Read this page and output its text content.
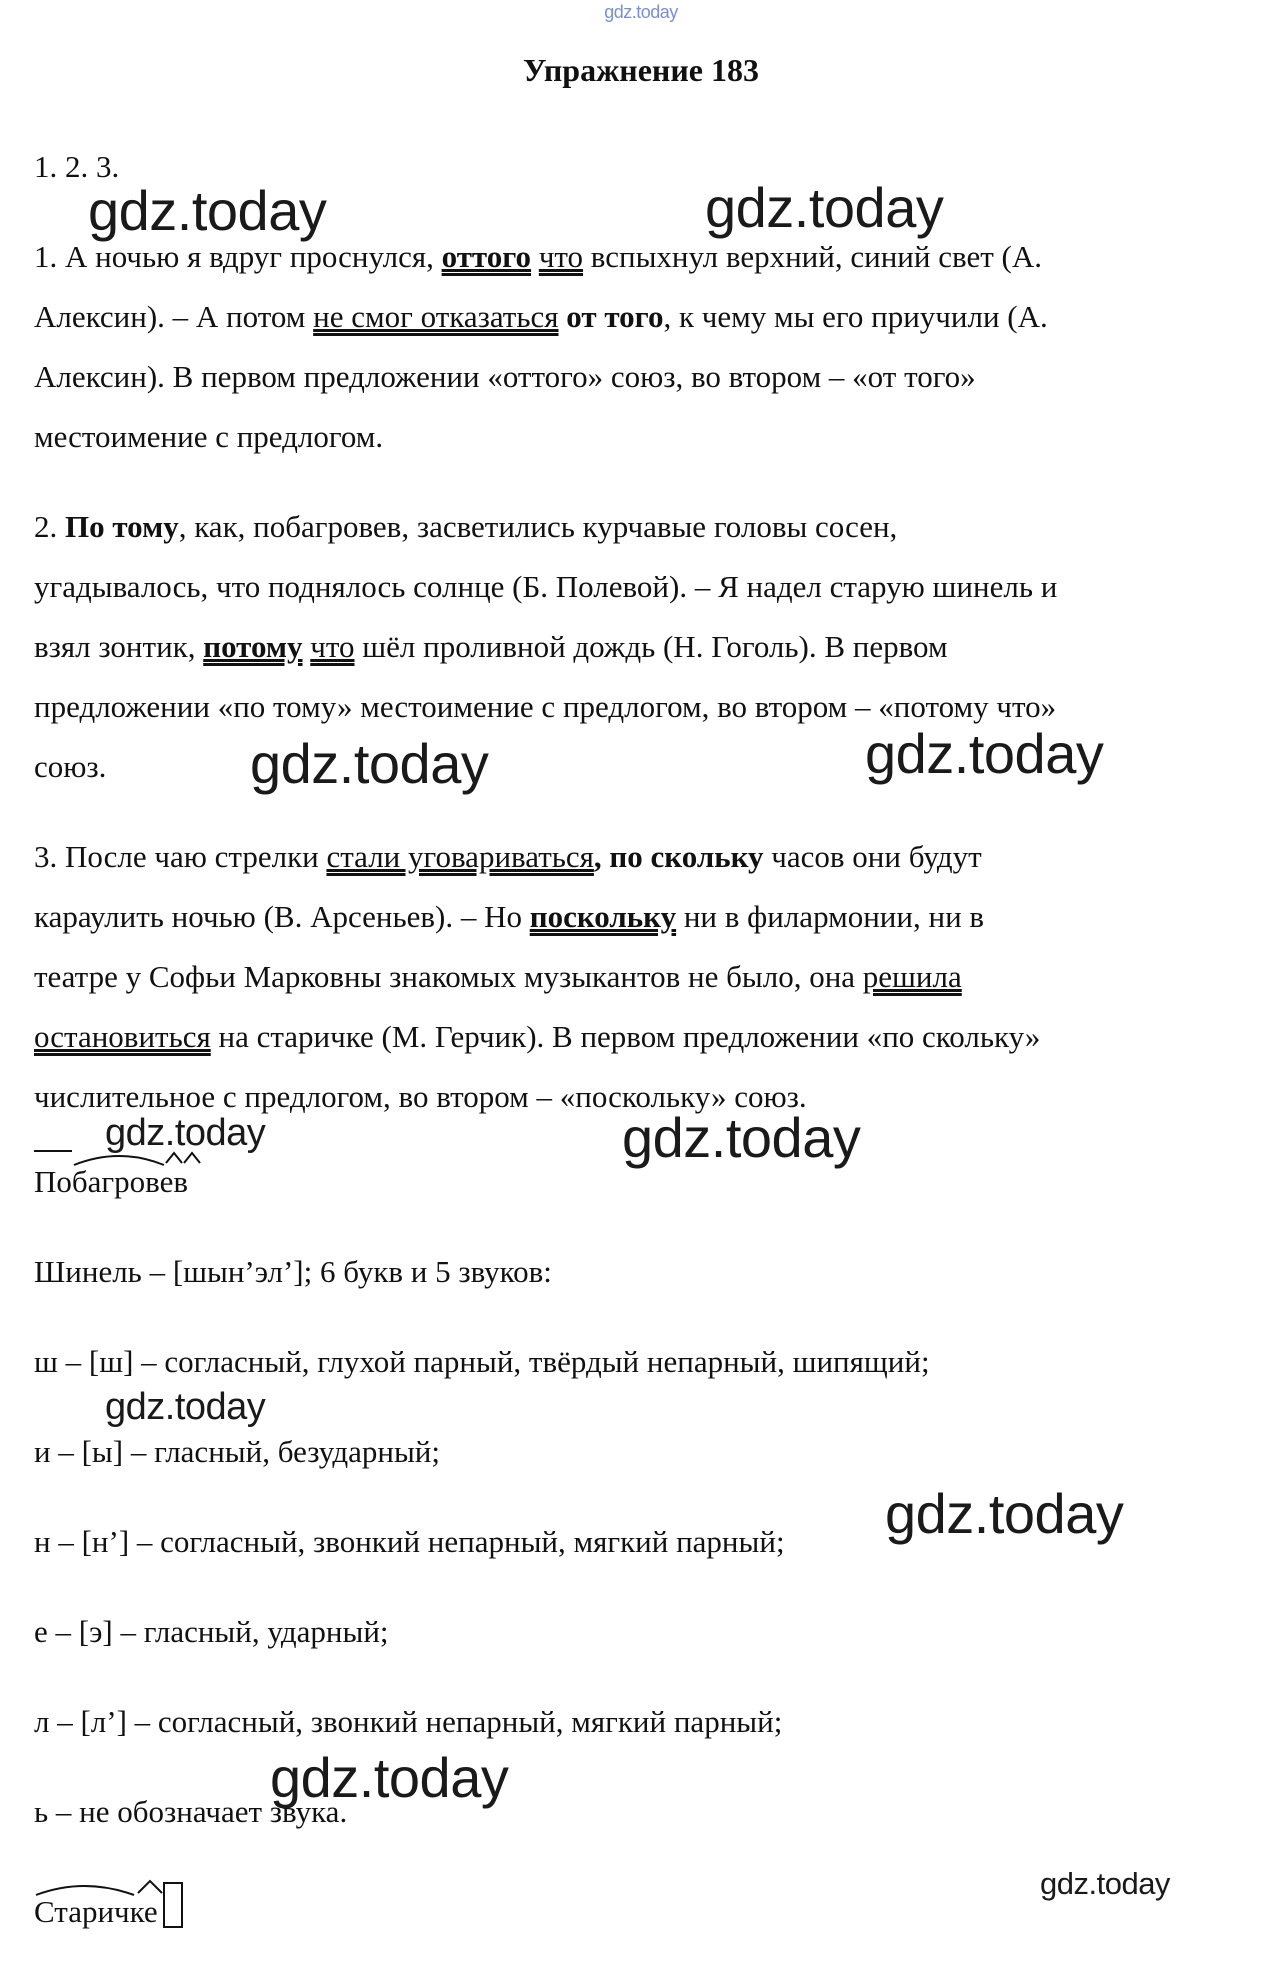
gdz.today
Упражнение 183
1. 2. 3.
gdz.today	gdz.today
1. А ночью я вдруг проснулся, оттого что вспыхнул верхний, синий свет (А.
Алексин). – А потом не смог отказаться от того, к чему мы его приучили (А.
Алексин). В первом предложении «оттого» союз, во втором – «от того»
местоимение с предлогом.
2. По тому, как, побагровев, засветились курчавые головы сосен,
угадывалось, что поднялось солнце (Б. Полевой). – Я надел старую шинель и
взял зонтик, потому что шёл проливной дождь (Н. Гоголь). В первом
предложении «по тому» местоимение с предлогом, во втором – «потому что»
союз.	gdz.today	gdz.today
3. После чаю стрелки стали уговариваться, по скольку часов они будут
караулить ночью (В. Арсеньев). – Но поскольку ни в филармонии, ни в
театре у Софьи Марковны знакомых музыкантов не было, она решила
остановиться на старичке (М. Герчик). В первом предложении «по скольку»
числительное с предлогом, во втором – «поскольку» союз.
gdz.today	gdz.today
Побагровев
Шинель – [шын’эл’]; 6 букв и 5 звуков:
ш – [ш] – согласный, глухой парный, твёрдый непарный, шипящий;
gdz.today
и – [ы] – гласный, безударный;
н – [н’] – согласный, звонкий непарный, мягкий парный; gdz.today
е – [э] – гласный, ударный;
л – [л’] – согласный, звонкий непарный, мягкий парный;
gdz.today
ь – не обозначает звука.
gdz.today
Старичке
